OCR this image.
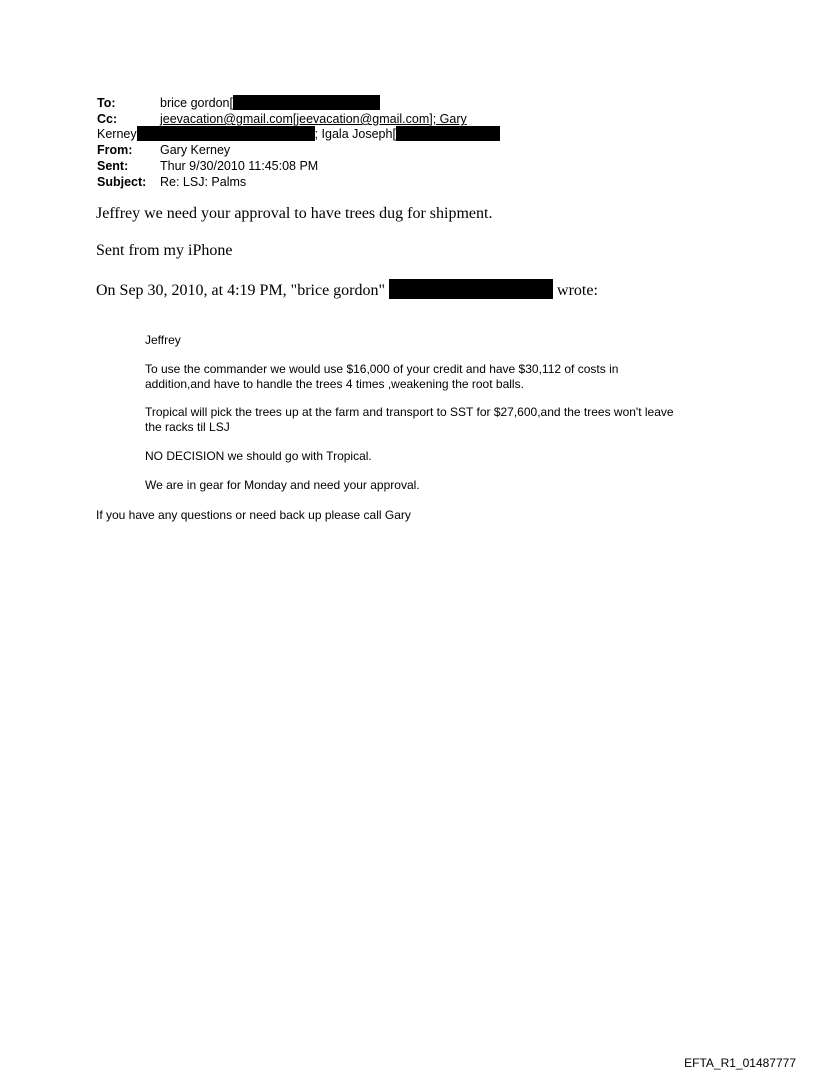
To:	brice gordon[
Cc:	jeevacation@gmail.com[jeevacation@gmail.com]; Gary
Kerney	; Igala Joseph[
From: Gary Kerney
Sent:	Thur 9/30/2010 11:45:08 PM
Subject: Re: LSJ: Palms
Jeffrey we need your approval to have trees dug for shipment.
Sent from my iPhone
On Sep 30, 2010, at 4:19 PM, "brice gordon"	wrote:
Jeffrey
To use the commander we would use $16,000 of your credit and have $30,112 of costs in addition,and have to handle the trees 4 times ,weakening the root balls.
Tropical will pick the trees up at the farm and transport to SST for $27,600,and the trees won't leave the racks til LSJ
NO DECISION we should go with Tropical.
We are in gear for Monday and need your approval.
If you have any questions or need back up please call Gary
EFTA_R1_01487777
